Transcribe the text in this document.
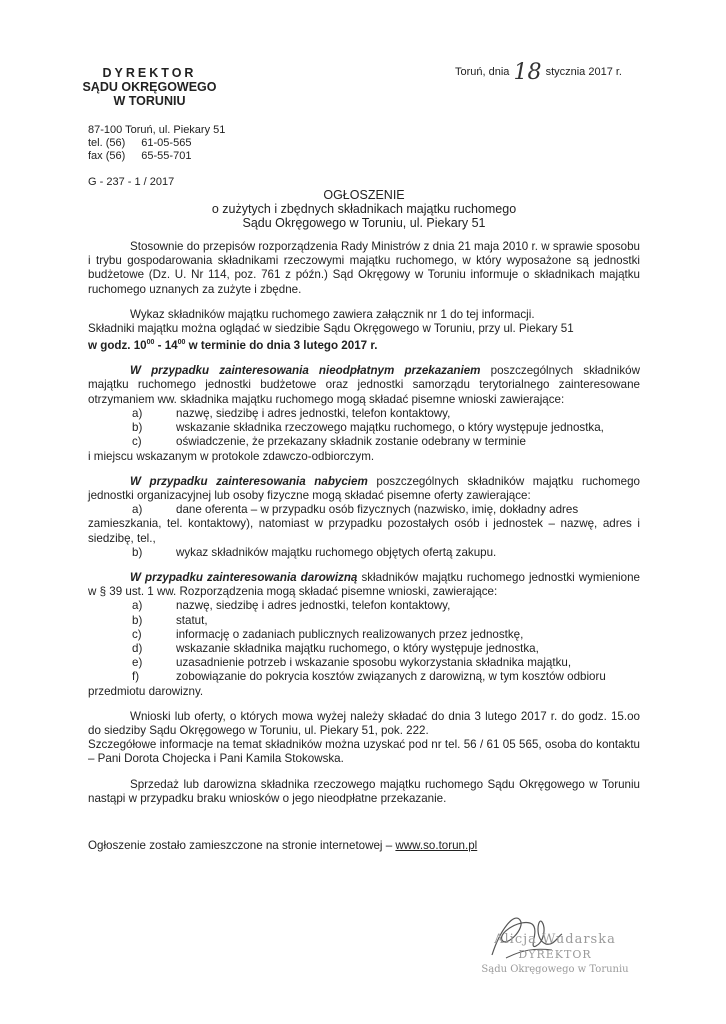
Toruń, dnia 18 stycznia 2017 r.
DYREKTOR
SĄDU OKRĘGOWEGO
W TORUNIU
87-100 Toruń, ul. Piekary 51
tel. (56) 61-05-565
fax (56) 65-55-701
G - 237 - 1 / 2017
OGŁOSZENIE
o zużytych i zbędnych składnikach majątku ruchomego
Sądu Okręgowego w Toruniu, ul. Piekary 51

Stosownie do przepisów rozporządzenia Rady Ministrów z dnia 21 maja 2010 r. w sprawie sposobu i trybu gospodarowania składnikami rzeczowymi majątku ruchomego, w który wyposażone są jednostki budżetowe (Dz. U. Nr 114, poz. 761 z późn.) Sąd Okręgowy w Toruniu informuje o składnikach majątku ruchomego uznanych za zużyte i zbędne.

Wykaz składników majątku ruchomego zawiera załącznik nr 1 do tej informacji.

Składniki majątku można oglądać w siedzibie Sądu Okręgowego w Toruniu, przy ul. Piekary 51

w godz. $10^{00} - 14^{00}$ w terminie do dnia 3 lutego 2017 r.

W przypadku zainteresowania nieodpłatnym przekazaniem poszczególnych składników majątku ruchomego jednostki budżetowe oraz jednostki samorządu terytorialnego zainteresowane otrzymaniem ww. składnika majątku ruchomego mogą składać pisemne wnioski zawierające:

a)	nazwę, siedzibę i adres jednostki, telefon kontaktowy,
b)	wskazanie składnika rzeczowego majątku ruchomego, o który występuje jednostka,
c)	oświadczenie, że przekazany składnik zostanie odebrany w terminie

i miejscu wskazanym w protokole zdawczo-odbiorczym.

W przypadku zainteresowania nabyciem poszczególnych składników majątku ruchomego jednostki organizacyjnej lub osoby fizyczne mogą składać pisemne oferty zawierające:

a)	dane oferenta – w przypadku osób fizycznych (nazwisko, imię, dokładny adres

zamieszkania, tel. kontaktowy), natomiast w przypadku pozostałych osób i jednostek – nazwę, adres i siedzibę, tel.,

b)	wykaz składników majątku ruchomego objętych ofertą zakupu.

W przypadku zainteresowania darowizną składników majątku ruchomego jednostki wymienione w § 39 ust. 1 ww. Rozporządzenia mogą składać pisemne wnioski, zawierające:

a)	nazwę, siedzibę i adres jednostki, telefon kontaktowy,
b)	statut,
c)	informację o zadaniach publicznych realizowanych przez jednostkę,
d)	wskazanie składnika majątku ruchomego, o który występuje jednostka,
e)	uzasadnienie potrzeb i wskazanie sposobu wykorzystania składnika majątku,
f)	zobowiązanie do pokrycia kosztów związanych z darowizną, w tym kosztów odbioru

przedmiotu darowizny.

Wnioski lub oferty, o których mowa wyżej należy składać do dnia 3 lutego 2017 r. do godz. 15.oo do siedziby Sądu Okręgowego w Toruniu, ul. Piekary 51, pok. 222.

Szczegółowe informacje na temat składników można uzyskać pod nr tel. 56 / 61 05 565, osoba do kontaktu – Pani Dorota Chojecka i Pani Kamila Stokowska.

Sprzedaż lub darowizna składnika rzeczowego majątku ruchomego Sądu Okręgowego w Toruniu nastąpi w przypadku braku wniosków o jego nieodpłatne przekazanie.

Ogłoszenie zostało zamieszczone na stronie internetowej – www.so.torun.pl

Alicja Wudarska
DYREKTOR
Sądu Okręgowego w Toruniu
